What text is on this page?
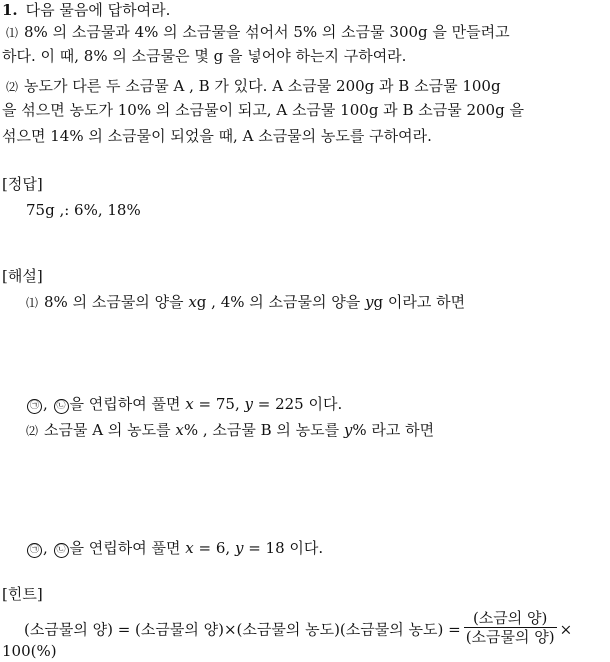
1. 다음 물음에 답하여라.
⑴ 8% 의 소금물과 4% 의 소금물을 섞어서 5% 의 소금물 300g 을 만들려고
하다. 이 때, 8% 의 소금물은 몇 g 을 넣어야 하는지 구하여라.
⑵ 농도가 다른 두 소금물 A , B 가 있다. A 소금물 200g 과 B 소금물 100g
을 섞으면 농도가 10% 의 소금물이 되고, A 소금물 100g 과 B 소금물 200g 을
섞으면 14% 의 소금물이 되었을 때, A 소금물의 농도를 구하여라.
[정답]
75g ,: 6%, 18%
[해설]
⑴ 8% 의 소금물의 양을 xg , 4% 의 소금물의 양을 yg 이라고 하면
㉠ , ㉡ 을 연립하여 풀면 x = 75, y = 225 이다.
⑵ 소금물 A 의 농도를 x% , 소금물 B 의 농도를 y% 라고 하면
㉠ , ㉡ 을 연립하여 풀면 x = 6, y = 18 이다.
[힌트]
(소금물의 양) = (소금물의 양)×(소금물의 농도)(소금물의 농도) = $\frac{\text{(소금의 양)}}{\text{(소금물의 양)}}$ ×
100(%)
